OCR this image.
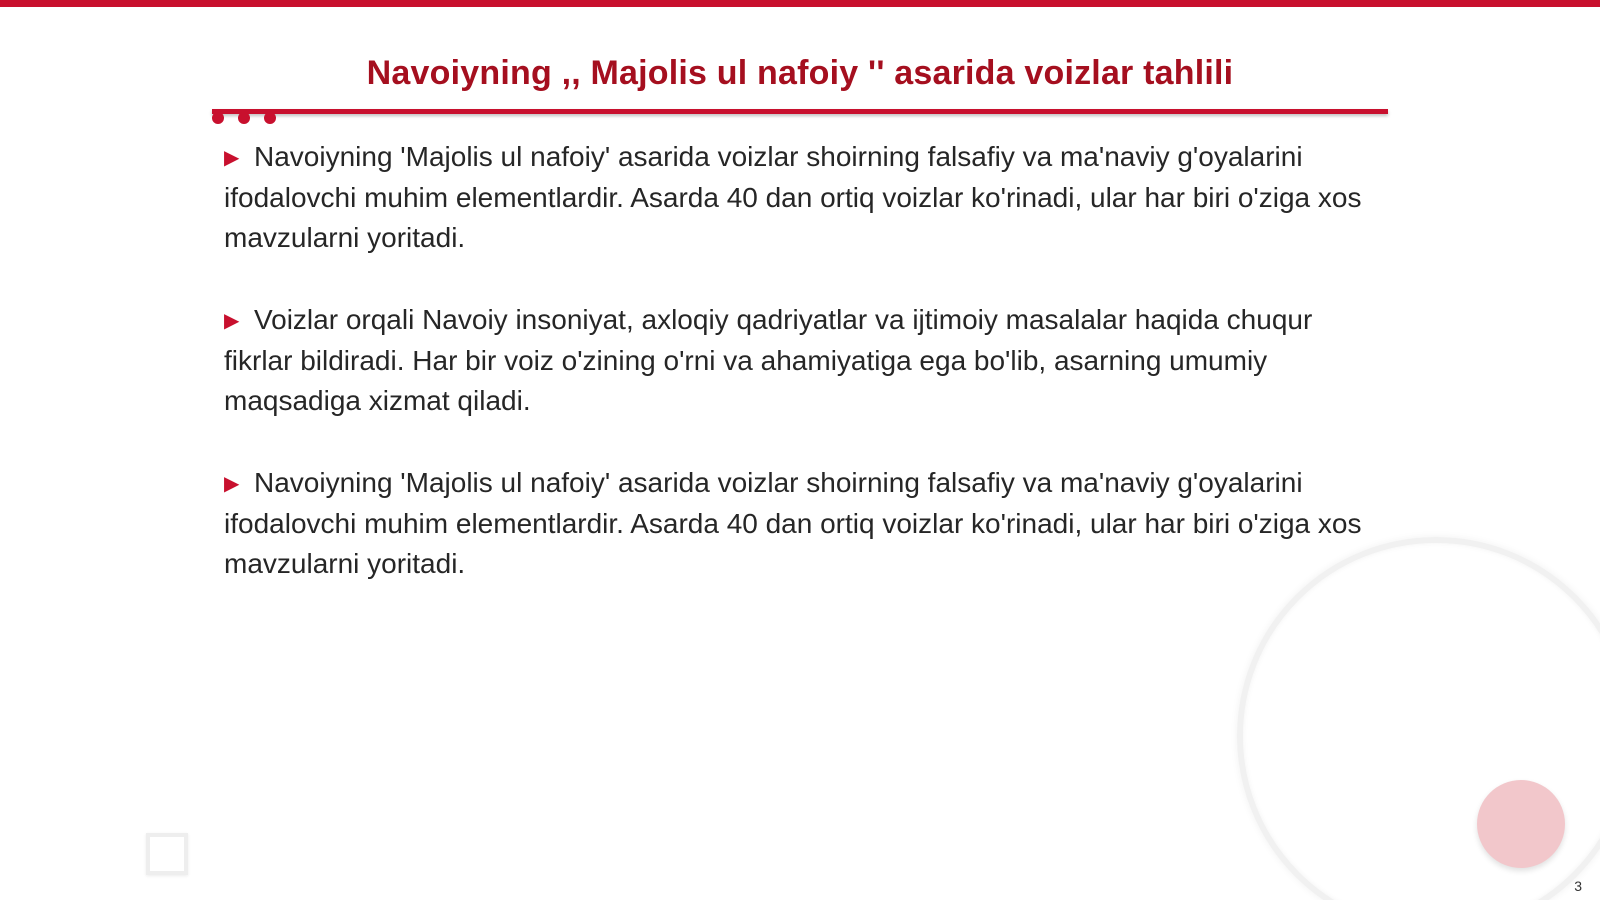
Navoiyning ,, Majolis ul nafoiy '' asarida voizlar tahlili

▶ Navoiyning 'Majolis ul nafoiy' asarida voizlar shoirning falsafiy va ma'naviy g'oyalarini ifodalovchi muhim elementlardir. Asarda 40 dan ortiq voizlar ko'rinadi, ular har biri o'ziga xos mavzularni yoritadi.

▶ Voizlar orqali Navoiy insoniyat, axloqiy qadriyatlar va ijtimoiy masalalar haqida chuqur fikrlar bildiradi. Har bir voiz o'zining o'rni va ahamiyatiga ega bo'lib, asarning umumiy maqsadiga xizmat qiladi.

▶ Navoiyning 'Majolis ul nafoiy' asarida voizlar shoirning falsafiy va ma'naviy g'oyalarini ifodalovchi muhim elementlardir. Asarda 40 dan ortiq voizlar ko'rinadi, ular har biri o'ziga xos mavzularni yoritadi.

3
